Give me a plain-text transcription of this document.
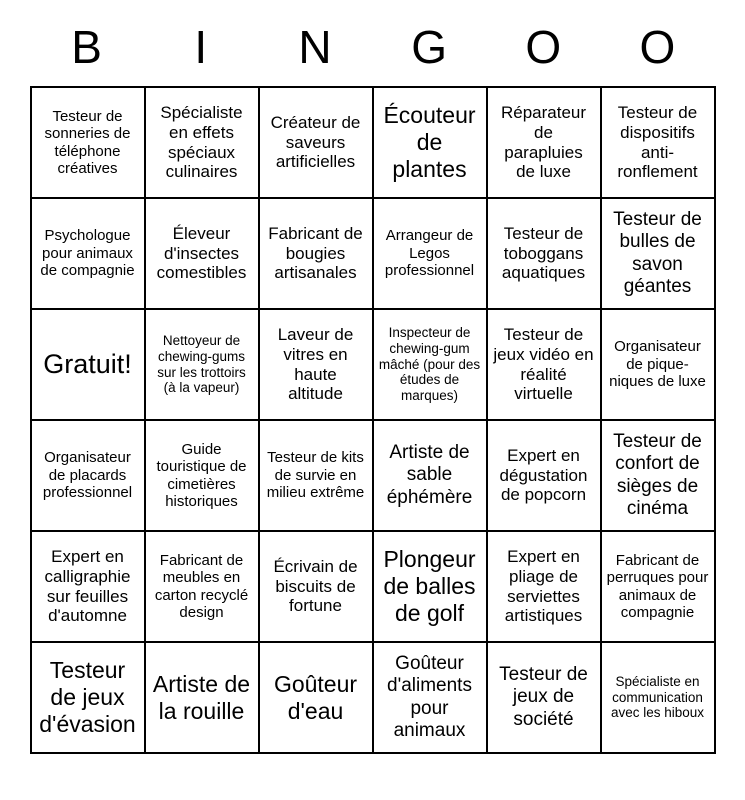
B	I	N	G	O	O
Testeur de sonneries de téléphone créatives	Spécialiste en effets spéciaux culinaires	Créateur de saveurs artificielles	Écouteur de plantes	Réparateur de parapluies de luxe	Testeur de dispositifs anti-ronflement
Psychologue pour animaux de compagnie	Éleveur d'insectes comestibles	Fabricant de bougies artisanales	Arrangeur de Legos professionnel	Testeur de toboggans aquatiques	Testeur de bulles de savon géantes
Gratuit!	Nettoyeur de chewing-gums sur les trottoirs (à la vapeur)	Laveur de vitres en haute altitude	Inspecteur de chewing-gum mâché (pour des études de marques)	Testeur de jeux vidéo en réalité virtuelle	Organisateur de pique-niques de luxe
Organisateur de placards professionnel	Guide touristique de cimetières historiques	Testeur de kits de survie en milieu extrême	Artiste de sable éphémère	Expert en dégustation de popcorn	Testeur de confort de sièges de cinéma
Expert en calligraphie sur feuilles d'automne	Fabricant de meubles en carton recyclé design	Écrivain de biscuits de fortune	Plongeur de balles de golf	Expert en pliage de serviettes artistiques	Fabricant de perruques pour animaux de compagnie
Testeur de jeux d'évasion	Artiste de la rouille	Goûteur d'eau	Goûteur d'aliments pour animaux	Testeur de jeux de société	Spécialiste en communication avec les hiboux
